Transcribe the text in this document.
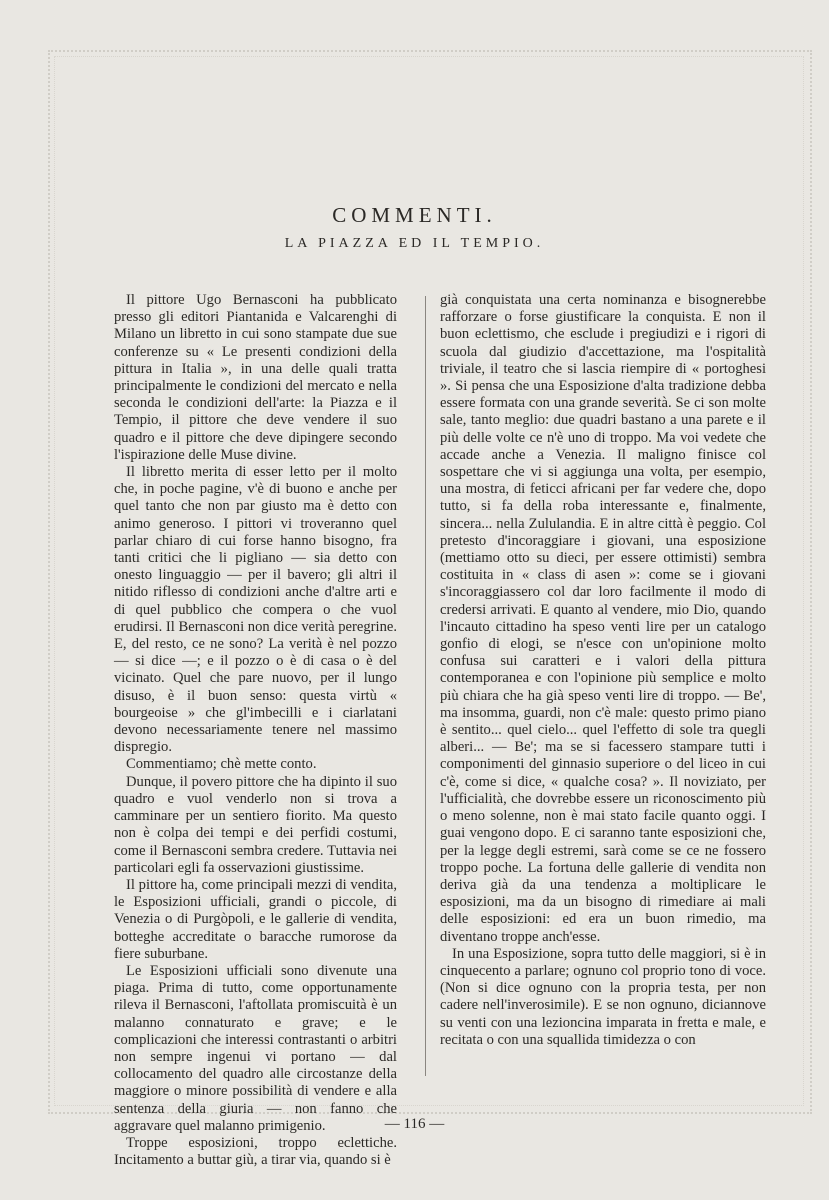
COMMENTI.
LA PIAZZA ED IL TEMPIO.

Il pittore Ugo Bernasconi ha pubblicato presso gli editori Piantanida e Valcarenghi di Milano un libretto in cui sono stampate due sue conferenze su « Le presenti condizioni della pittura in Italia », in una delle quali tratta principalmente le condizioni del mercato e nella seconda le condizioni dell'arte: la Piazza e il Tempio, il pittore che deve vendere il suo quadro e il pittore che deve dipingere secondo l'ispirazione delle Muse divine.

Il libretto merita di esser letto per il molto che, in poche pagine, v'è di buono e anche per quel tanto che non par giusto ma è detto con animo generoso. I pittori vi troveranno quel parlar chiaro di cui forse hanno bisogno, fra tanti critici che li pigliano — sia detto con onesto linguaggio — per il bavero; gli altri il nitido riflesso di condizioni anche d'altre arti e di quel pubblico che compera o che vuol erudirsi. Il Bernasconi non dice verità peregrine. E, del resto, ce ne sono? La verità è nel pozzo — si dice —; e il pozzo o è di casa o è del vicinato. Quel che pare nuovo, per il lungo disuso, è il buon senso: questa virtù « bourgeoise » che gl'imbecilli e i ciarlatani devono necessariamente tenere nel massimo dispregio.

Commentiamo; chè mette conto.

Dunque, il povero pittore che ha dipinto il suo quadro e vuol venderlo non si trova a camminare per un sentiero fiorito. Ma questo non è colpa dei tempi e dei perfidi costumi, come il Bernasconi sembra credere. Tuttavia nei particolari egli fa osservazioni giustissime.

Il pittore ha, come principali mezzi di vendita, le Esposizioni ufficiali, grandi o piccole, di Venezia o di Purgòpoli, e le gallerie di vendita, botteghe accreditate o baracche rumorose da fiere suburbane.

Le Esposizioni ufficiali sono divenute una piaga. Prima di tutto, come opportunamente rileva il Bernasconi, l'aftollata promiscuità è un malanno connaturato e grave; e le complicazioni che interessi contrastanti o arbitri non sempre ingenui vi portano — dal collocamento del quadro alle circostanze della maggiore o minore possibilità di vendere e alla sentenza della giuria — non fanno che aggravare quel malanno primigenio.

Troppe esposizioni, troppo eclettiche. Incitamento a buttar giù, a tirar via, quando si è

già conquistata una certa nominanza e bisognerebbe rafforzare o forse giustificare la conquista. E non il buon eclettismo, che esclude i pregiudizi e i rigori di scuola dal giudizio d'accettazione, ma l'ospitalità triviale, il teatro che si lascia riempire di « portoghesi ». Si pensa che una Esposizione d'alta tradizione debba essere formata con una grande severità. Se ci son molte sale, tanto meglio: due quadri bastano a una parete e il più delle volte ce n'è uno di troppo. Ma voi vedete che accade anche a Venezia. Il maligno finisce col sospettare che vi si aggiunga una volta, per esempio, una mostra, di feticci africani per far vedere che, dopo tutto, si fa della roba interessante e, finalmente, sincera... nella Zululandia. E in altre città è peggio. Col pretesto d'incoraggiare i giovani, una esposizione (mettiamo otto su dieci, per essere ottimisti) sembra costituita in « class di asen »: come se i giovani s'incoraggiassero col dar loro facilmente il modo di credersi arrivati. E quanto al vendere, mio Dio, quando l'incauto cittadino ha speso venti lire per un catalogo gonfio di elogi, se n'esce con un'opinione molto confusa sui caratteri e i valori della pittura contemporanea e con l'opinione più semplice e molto più chiara che ha già speso venti lire di troppo. — Be', ma insomma, guardi, non c'è male: questo primo piano è sentito... quel cielo... quel l'effetto di sole tra quegli alberi... — Be'; ma se si facessero stampare tutti i componimenti del ginnasio superiore o del liceo in cui c'è, come si dice, « qualche cosa? ». Il noviziato, per l'ufficialità, che dovrebbe essere un riconoscimento più o meno solenne, non è mai stato facile quanto oggi. I guai vengono dopo. E ci saranno tante esposizioni che, per la legge degli estremi, sarà come se ce ne fossero troppo poche. La fortuna delle gallerie di vendita non deriva già da una tendenza a moltiplicare le esposizioni, ma da un bisogno di rimediare ai mali delle esposizioni: ed era un buon rimedio, ma diventano troppe anch'esse.

In una Esposizione, sopra tutto delle maggiori, si è in cinquecento a parlare; ognuno col proprio tono di voce. (Non si dice ognuno con la propria testa, per non cadere nell'inverosimile). E se non ognuno, diciannove su venti con una lezioncina imparata in fretta e male, e recitata o con una squallida timidezza o con

— 116 —
